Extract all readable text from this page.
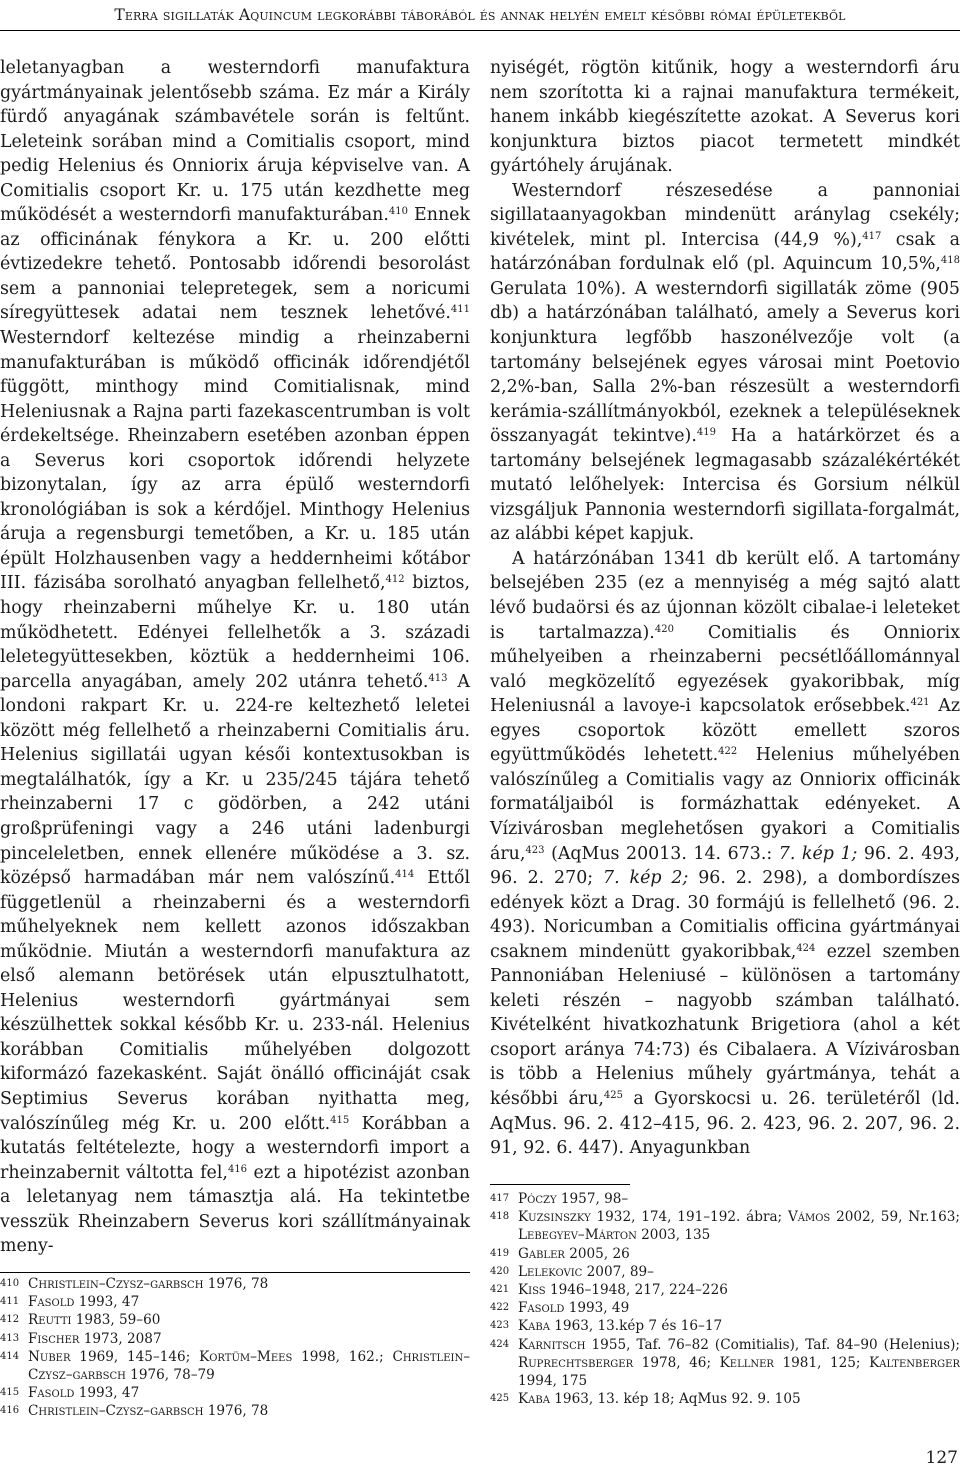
Terra sigillaták Aquincum legkorábbi táborából és annak helyén emelt későbbi római épületekből

leletanyagban a westerndorfi manufaktura gyártmányainak jelentősebb száma. Ez már a Király fürdő anyagának számbavétele során is feltűnt. Leleteink sorában mind a Comitialis csoport, mind pedig Helenius és Onniorix áruja képviselve van. A Comitialis csoport Kr. u. 175 után kezdhette meg működését a westerndorfi manufakturában.$^{410}$ Ennek az officinának fénykora a Kr. u. 200 előtti évtizedekre tehető. Pontosabb időrendi besorolást sem a pannoniai telepretegek, sem a noricumi síregyüttesek adatai nem tesznek lehetővé.$^{411}$ Westerndorf keltezése mindig a rheinzaberni manufakturában is működő officinák időrendjétől függött, minthogy mind Comitialisnak, mind Heleniusnak a Rajna parti fazekascentrumban is volt érdekeltsége. Rheinzabern esetében azonban éppen a Severus kori csoportok időrendi helyzete bizonytalan, így az arra épülő westerndorfi kronológiában is sok a kérdőjel. Minthogy Helenius áruja a regensburgi temetőben, a Kr. u. 185 után épült Holzhausenben vagy a heddernheimi kőtábor III. fázisába sorolható anyagban fellelhető,$^{412}$ biztos, hogy rheinzaberni műhelye Kr. u. 180 után működhetett. Edényei fellelhetők a 3. századi leletegyüttesekben, köztük a heddernheimi 106. parcella anyagában, amely 202 utánra tehető.$^{413}$ A londoni rakpart Kr. u. 224-re keltezhető leletei között még fellelhető a rheinzaberni Comitialis áru. Helenius sigillatái ugyan késői kontextusokban is megtalálhatók, így a Kr. u 235/245 tájára tehető rheinzaberni 17 c gödörben, a 242 utáni großprüfeningi vagy a 246 utáni ladenburgi pinceleletben, ennek ellenére működése a 3. sz. középső harmadában már nem valószínű.$^{414}$ Ettől függetlenül a rheinzaberni és a westerndorfi műhelyeknek nem kellett azonos időszakban működnie. Miután a westerndorfi manufaktura az első alemann betörések után elpusztulhatott, Helenius westerndorfi gyártmányai sem készülhettek sokkal később Kr. u. 233-nál. Helenius korábban Comitialis műhelyében dolgozott kiformázó fazekasként. Saját önálló officináját csak Septimius Severus korában nyithatta meg, valószínűleg még Kr. u. 200 előtt.$^{415}$ Korábban a kutatás feltételezte, hogy a westerndorfi import a rheinzabernit váltotta fel,$^{416}$ ezt a hipotézist azonban a leletanyag nem támasztja alá. Ha tekintetbe vesszük Rheinzabern Severus kori szállítmányainak meny-

nyiségét, rögtön kitűnik, hogy a westerndorfi áru nem szorította ki a rajnai manufaktura termékeit, hanem inkább kiegészítette azokat. A Severus kori konjunktura biztos piacot termetett mindkét gyártóhely árujának.

Westerndorf részesedése a pannoniai sigillataanyagokban mindenütt aránylag csekély; kivételek, mint pl. Intercisa (44,9 %),$^{417}$ csak a határzónában fordulnak elő (pl. Aquincum 10,5%,$^{418}$ Gerulata 10%). A westerndorfi sigillaták zöme (905 db) a határzónában található, amely a Severus kori konjunktura legfőbb haszonélvezője volt (a tartomány belsejének egyes városai mint Poetovio 2,2%-ban, Salla 2%-ban részesült a westerndorfi kerámia-szállítmányokból, ezeknek a településeknek összanyagát tekintve).$^{419}$ Ha a határkörzet és a tartomány belsejének legmagasabb százalékértékét mutató lelőhelyek: Intercisa és Gorsium nélkül vizsgáljuk Pannonia westerndorfi sigillata-forgalmát, az alábbi képet kapjuk.

A határzónában 1341 db került elő. A tartomány belsejében 235 (ez a mennyiség a még sajtó alatt lévő budaörsi és az újonnan közölt cibalae-i leleteket is tartalmazza).$^{420}$ Comitialis és Onniorix műhelyeiben a rheinzaberni pecsétlőállománnyal való megközelítő egyezések gyakoribbak, míg Heleniusnál a lavoye-i kapcsolatok erősebbek.$^{421}$ Az egyes csoportok között emellett szoros együttműködés lehetett.$^{422}$ Helenius műhelyében valószínűleg a Comitialis vagy az Onniorix officinák formatáljaiból is formázhattak edényeket. A Vízivárosban meglehetősen gyakori a Comitialis áru,$^{423}$ (AqMus 20013. 14. 673.: 7. kép 1; 96. 2. 493, 96. 2. 270; 7. kép 2; 96. 2. 298), a dombordíszes edények közt a Drag. 30 formájú is fellelhető (96. 2. 493). Noricumban a Comitialis officina gyártmányai csaknem mindenütt gyakoribbak,$^{424}$ ezzel szemben Pannoniában Heleniusé – különösen a tartomány keleti részén – nagyobb számban található. Kivételként hivatkozhatunk Brigetiora (ahol a két csoport aránya 74:73) és Cibalaera. A Vízivárosban is több a Helenius műhely gyártmánya, tehát a későbbi áru,$^{425}$ a Gyorskocsi u. 26. területéről (ld. AqMus. 96. 2. 412–415, 96. 2. 423, 96. 2. 207, 96. 2. 91, 92. 6. 447). Anyagunkban

410 Christlein–Czysz–garbsch 1976, 78
411 Fasold 1993, 47
412 Reutti 1983, 59–60
413 Fischer 1973, 2087
414 Nuber 1969, 145–146; Kortüm–Mees 1998, 162.; Christlein–Czysz–garbsch 1976, 78–79
415 Fasold 1993, 47
416 Christlein–Czysz–garbsch 1976, 78
417 Póczy 1957, 98–
418 Kuzsinszky 1932, 174, 191–192. ábra; Vámos 2002, 59, Nr.163; Lebegyev–Márton 2003, 135
419 Gabler 2005, 26
420 Lelekovic 2007, 89–
421 Kiss 1946–1948, 217, 224–226
422 Fasold 1993, 49
423 Kaba 1963, 13.kép 7 és 16–17
424 Karnitsch 1955, Taf. 76–82 (Comitialis), Taf. 84–90 (Helenius); Ruprechtsberger 1978, 46; Kellner 1981, 125; Kaltenberger 1994, 175
425 Kaba 1963, 13. kép 18; AqMus 92. 9. 105
127
